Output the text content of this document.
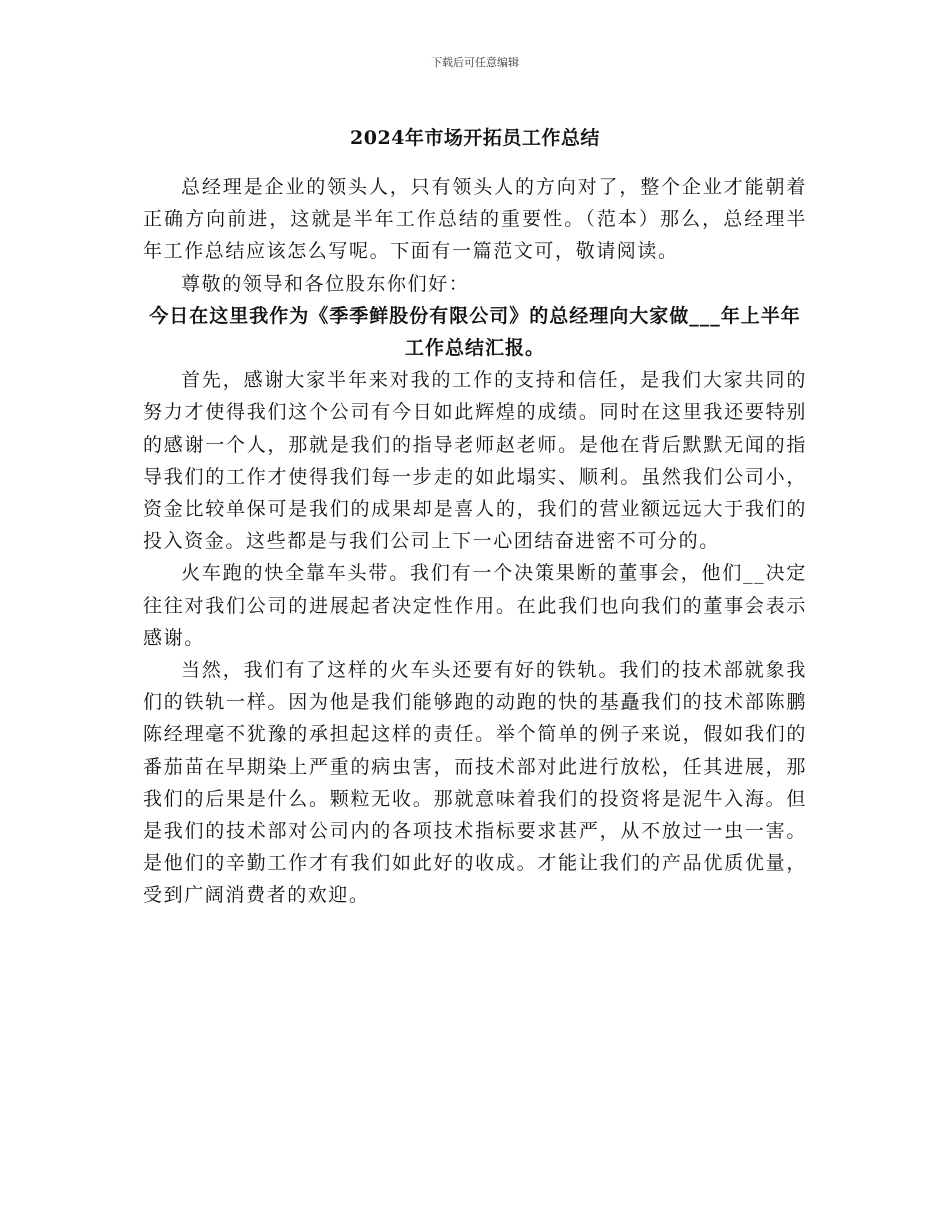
下载后可任意编辑
2024年市场开拓员工作总结

总经理是企业的领头人，只有领头人的方向对了，整个企业才能朝着正确方向前进，这就是半年工作总结的重要性。（范本）那么，总经理半年工作总结应该怎么写呢。下面有一篇范文可，敬请阅读。

尊敬的领导和各位股东你们好：

今日在这里我作为《季季鲜股份有限公司》的总经理向大家做___年上半年工作总结汇报。

首先，感谢大家半年来对我的工作的支持和信任，是我们大家共同的努力才使得我们这个公司有今日如此辉煌的成绩。同时在这里我还要特别的感谢一个人，那就是我们的指导老师赵老师。是他在背后默默无闻的指导我们的工作才使得我们每一步走的如此塌实、顺利。虽然我们公司小，资金比较单保可是我们的成果却是喜人的，我们的营业额远远大于我们的投入资金。这些都是与我们公司上下一心团结奋进密不可分的。

火车跑的快全靠车头带。我们有一个决策果断的董事会，他们__决定往往对我们公司的进展起者决定性作用。在此我们也向我们的董事会表示感谢。

当然，我们有了这样的火车头还要有好的铁轨。我们的技术部就象我们的铁轨一样。因为他是我们能够跑的动跑的快的基矗我们的技术部陈鹏陈经理毫不犹豫的承担起这样的责任。举个简单的例子来说，假如我们的番茄苗在早期染上严重的病虫害，而技术部对此进行放松，任其进展，那我们的后果是什么。颗粒无收。那就意味着我们的投资将是泥牛入海。但是我们的技术部对公司内的各项技术指标要求甚严，从不放过一虫一害。是他们的辛勤工作才有我们如此好的收成。才能让我们的产品优质优量，受到广阔消费者的欢迎。
